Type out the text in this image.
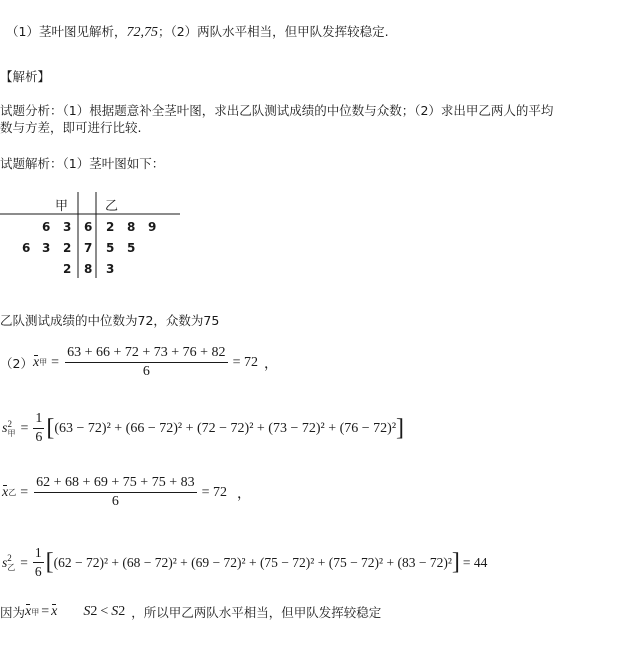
（1）茎叶图见解析，72,75；（2）两队水平相当，但甲队发挥较稳定.
【解析】
试题分析：（1）根据题意补全茎叶图，求出乙队测试成绩的中位数与众数；（2）求出甲乙两人的平均
数与方差，即可进行比较.
试题解析：（1）茎叶图如下：
甲	乙
6 3 6 2 8 9
6 3 2 7 5 5
2 8 3
乙队测试成绩的中位数为72，众数为75
（2） x 甲 = $\frac{63 + 66 + 72 + 73 + 76 + 82}{6} = 72$ ，
s 2
甲 = $\frac{1}{6}$ [ (63 − 72)² + (66 − 72)² + (72 − 72)² + (73 − 72)² + (76 − 72)² ]
x 乙 = $\frac{62 + 68 + 69 + 75 + 75 + 83}{6} = 72$ ，
s 2
乙 = $\frac{1}{6}$ [ (62 − 72)² + (68 − 72)² + (69 − 72)² + (75 − 72)² + (75 − 72)² + (83 − 72)² ] = 44
因为 x 甲 = x S 2 < S 2 ，所以甲乙两队水平相当，但甲队发挥较稳定
